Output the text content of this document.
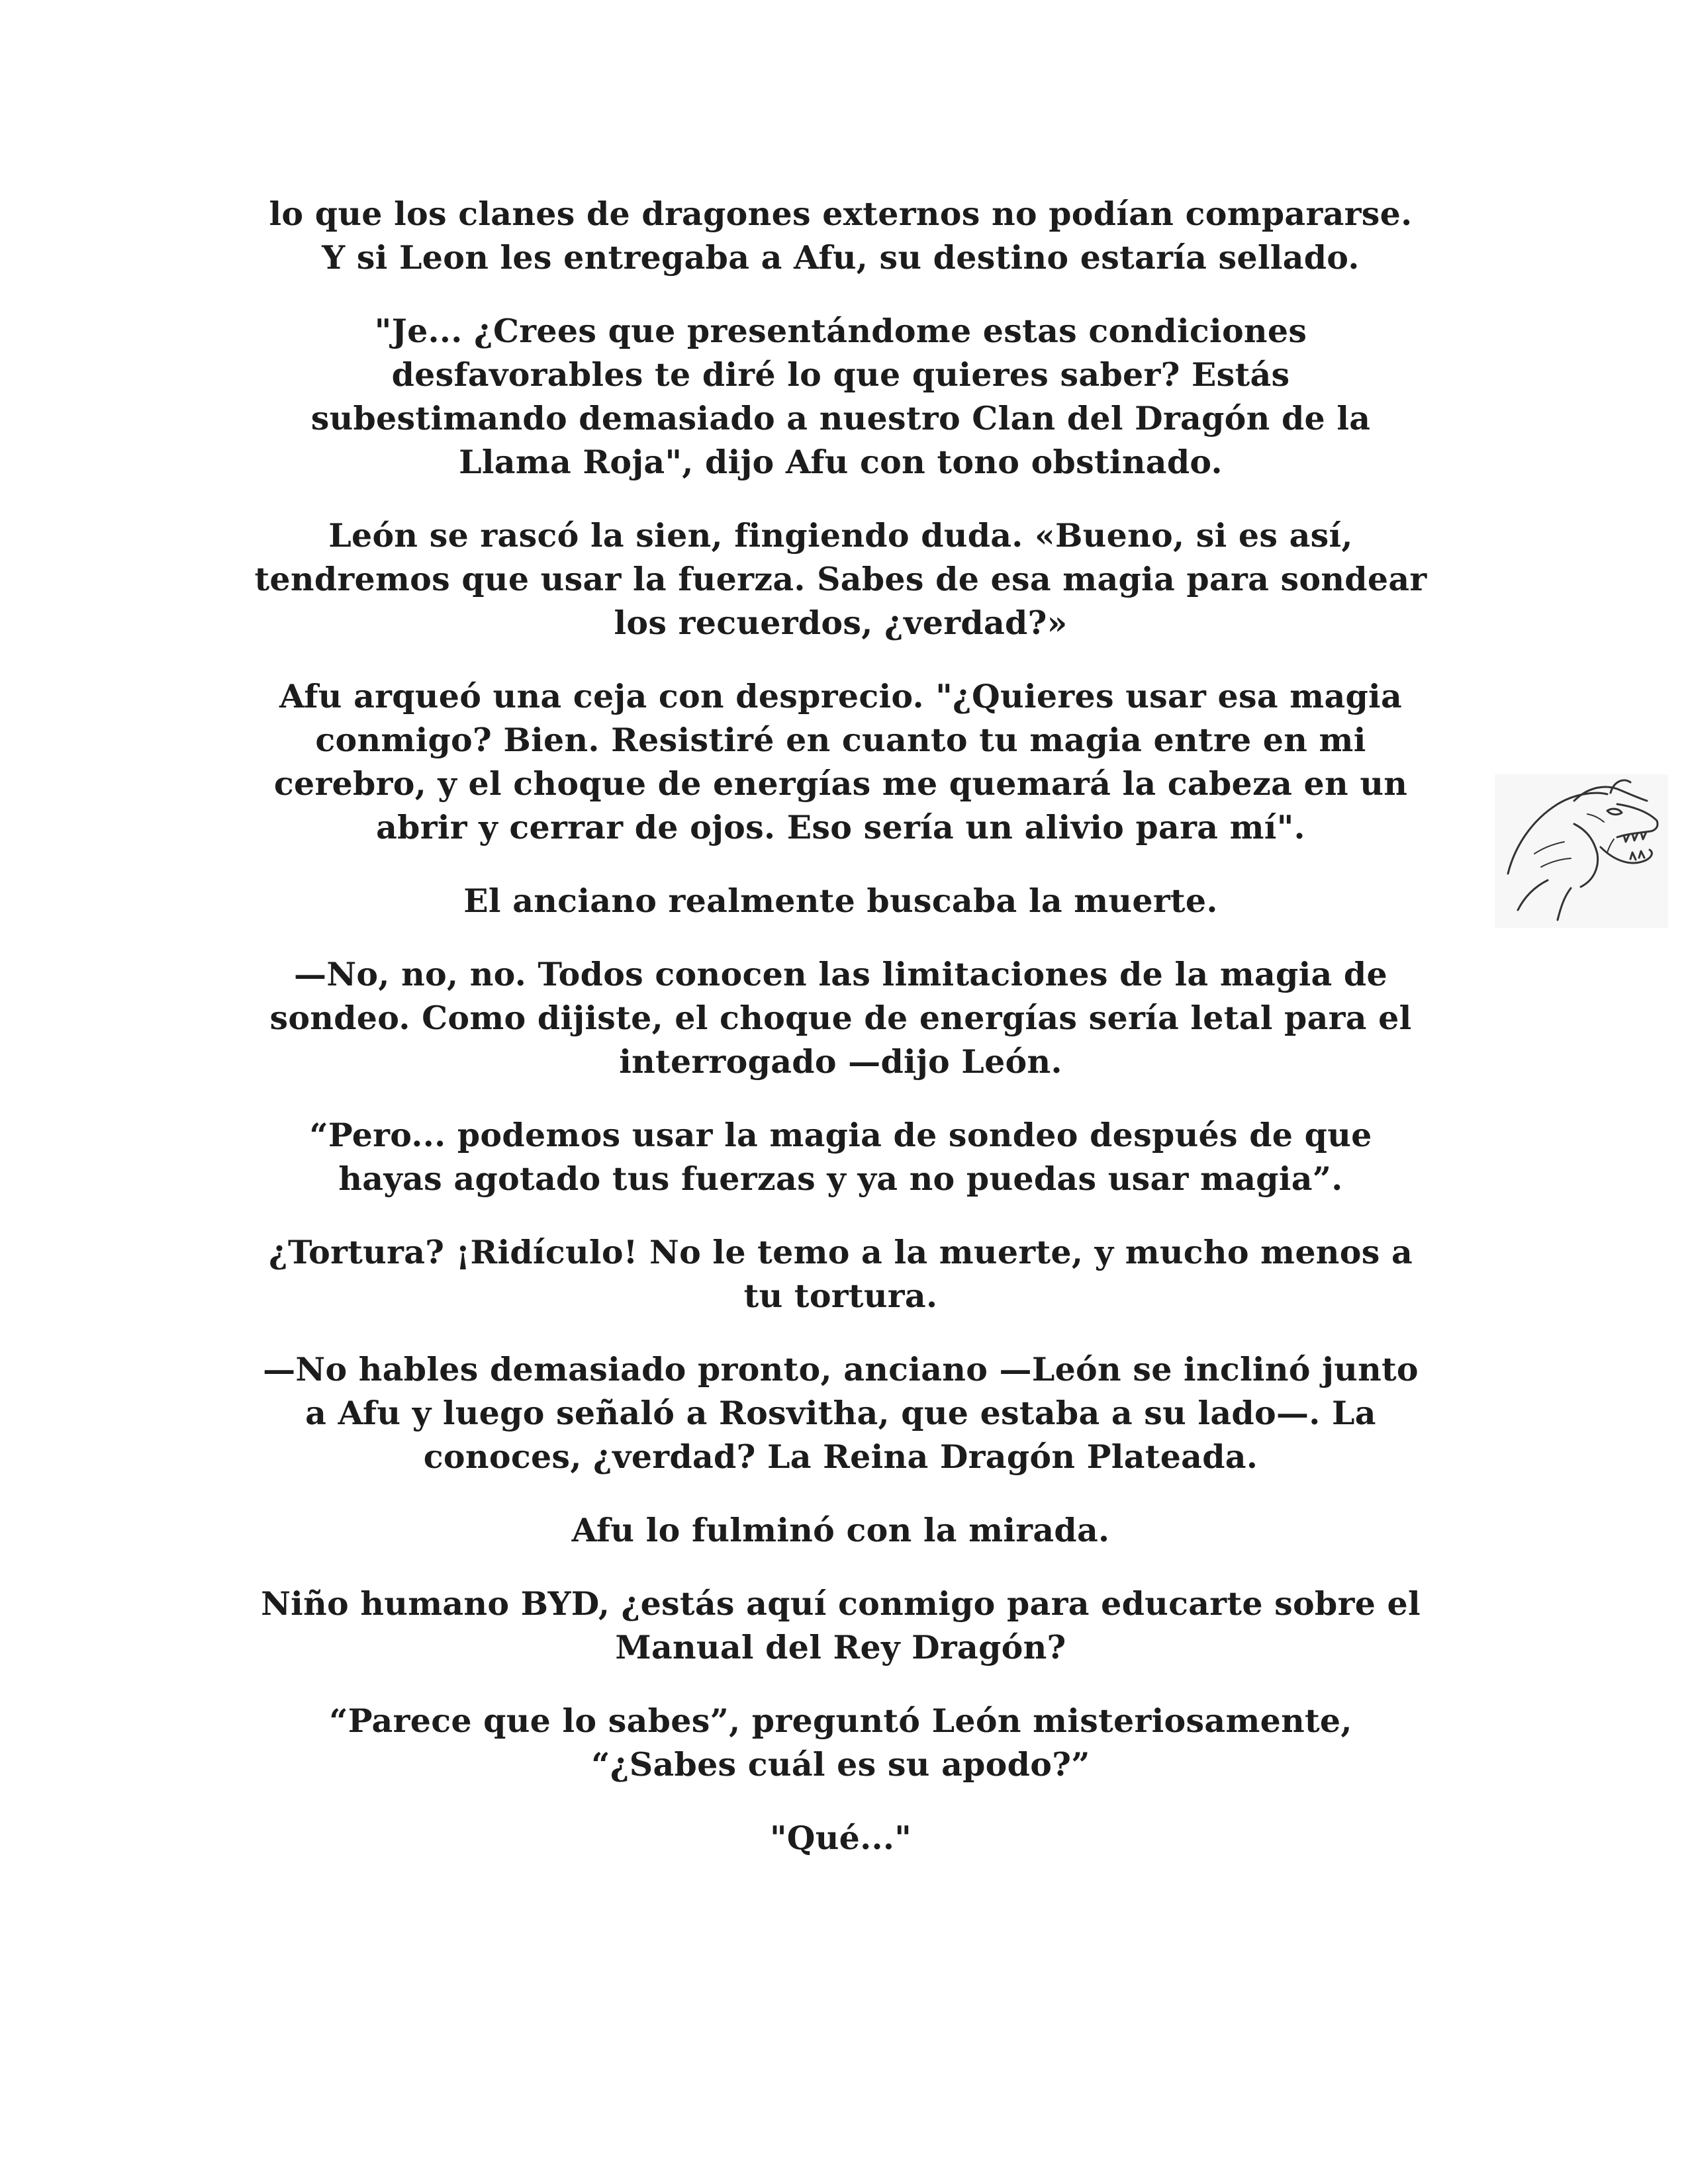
lo que los clanes de dragones externos no podían compararse.
Y si Leon les entregaba a Afu, su destino estaría sellado.

"Je... ¿Crees que presentándome estas condiciones
desfavorables te diré lo que quieres saber? Estás
subestimando demasiado a nuestro Clan del Dragón de la
Llama Roja", dijo Afu con tono obstinado.

León se rascó la sien, fingiendo duda. «Bueno, si es así,
tendremos que usar la fuerza. Sabes de esa magia para sondear
los recuerdos, ¿verdad?»

Afu arqueó una ceja con desprecio. "¿Quieres usar esa magia
conmigo? Bien. Resistiré en cuanto tu magia entre en mi
cerebro, y el choque de energías me quemará la cabeza en un
abrir y cerrar de ojos. Eso sería un alivio para mí".

El anciano realmente buscaba la muerte.

—No, no, no. Todos conocen las limitaciones de la magia de
sondeo. Como dijiste, el choque de energías sería letal para el
interrogado —dijo León.

“Pero... podemos usar la magia de sondeo después de que
hayas agotado tus fuerzas y ya no puedas usar magia”.

¿Tortura? ¡Ridículo! No le temo a la muerte, y mucho menos a
tu tortura.

—No hables demasiado pronto, anciano —León se inclinó junto
a Afu y luego señaló a Rosvitha, que estaba a su lado—. La
conoces, ¿verdad? La Reina Dragón Plateada.

Afu lo fulminó con la mirada.

Niño humano BYD, ¿estás aquí conmigo para educarte sobre el
Manual del Rey Dragón?

“Parece que lo sabes”, preguntó León misteriosamente,
“¿Sabes cuál es su apodo?”

"Qué..."
